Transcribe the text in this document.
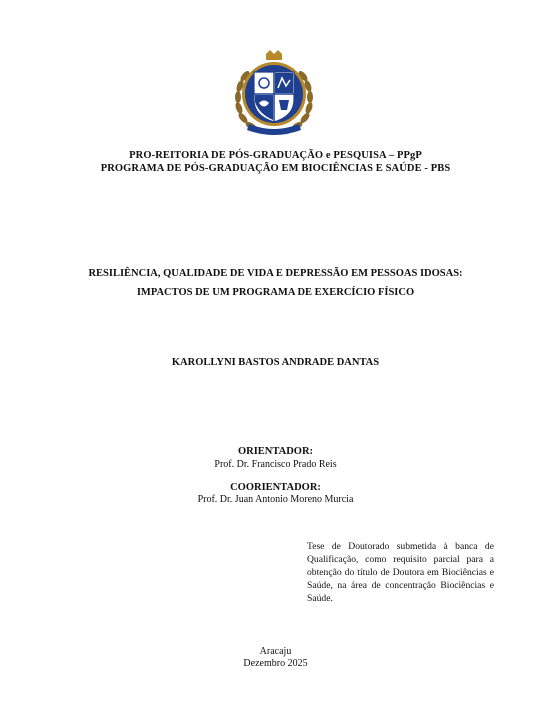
PRO-REITORIA DE PÓS-GRADUAÇÃO e PESQUISA – PPgP
PROGRAMA DE PÓS-GRADUAÇÃO EM BIOCIÊNCIAS E SAÚDE - PBS
RESILIÊNCIA, QUALIDADE DE VIDA E DEPRESSÃO EM PESSOAS IDOSAS:
IMPACTOS DE UM PROGRAMA DE EXERCÍCIO FÍSICO
KAROLLYNI BASTOS ANDRADE DANTAS
ORIENTADOR:
Prof. Dr. Francisco Prado Reis
COORIENTADOR:
Prof. Dr. Juan Antonio Moreno Murcia
Tese de Doutorado submetida à banca de Qualificação, como requisito parcial para a obtenção do título de Doutora em Biociências e Saúde, na área de concentração Biociências e Saúde.
Aracaju
Dezembro 2025
